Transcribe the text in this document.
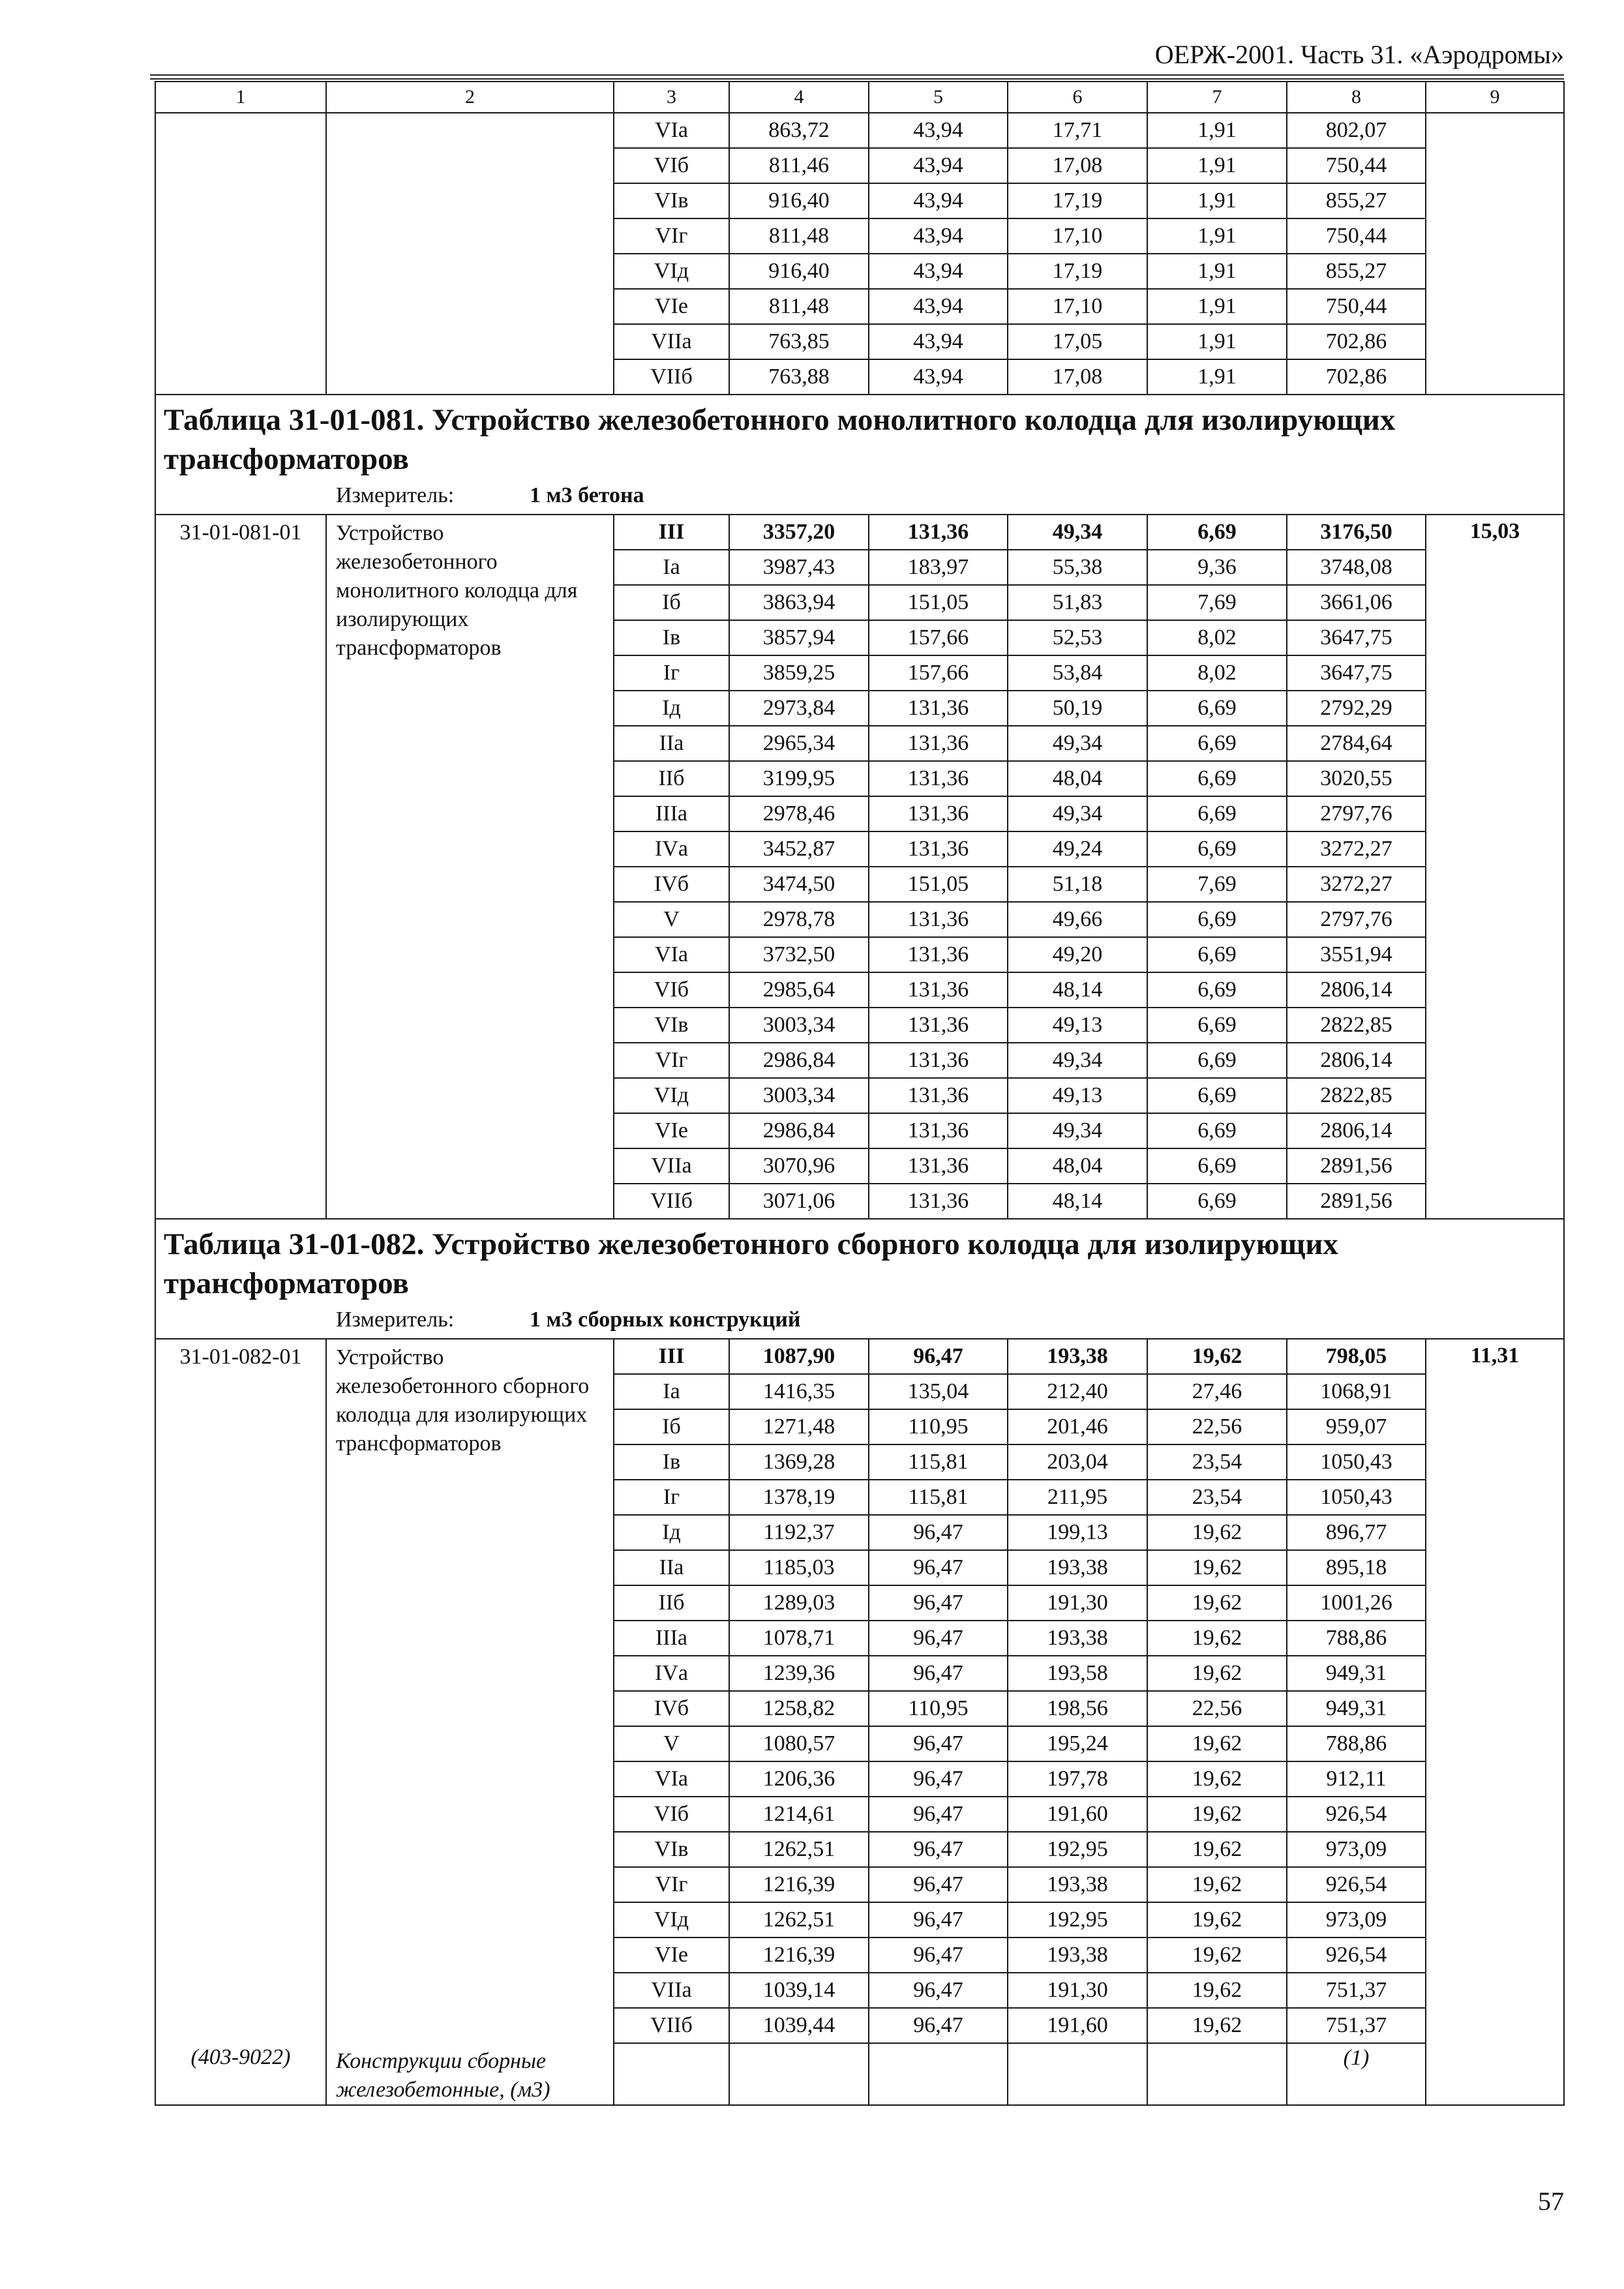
ОЕРЖ-2001. Часть 31. «Аэродромы»
1	2	3	4	5	6	7	8	9
		VIа	863,72	43,94	17,71	1,91	802,07	
		VIб	811,46	43,94	17,08	1,91	750,44	
		VIв	916,40	43,94	17,19	1,91	855,27	
		VIг	811,48	43,94	17,10	1,91	750,44	
		VIд	916,40	43,94	17,19	1,91	855,27	
		VIе	811,48	43,94	17,10	1,91	750,44	
		VIIа	763,85	43,94	17,05	1,91	702,86	
		VIIб	763,88	43,94	17,08	1,91	702,86	

Таблица 31-01-081. Устройство железобетонного монолитного колодца для изолирующих
трансформаторов
Измеритель: 1 м3 бетона								

31-01-081-01	Устройство железобетонного монолитного колодца для изолирующих трансформаторов	III	3357,20	131,36	49,34	6,69	3176,50	15,03
		Iа	3987,43	183,97	55,38	9,36	3748,08	
		Iб	3863,94	151,05	51,83	7,69	3661,06	
		Iв	3857,94	157,66	52,53	8,02	3647,75	
		Iг	3859,25	157,66	53,84	8,02	3647,75	
		Iд	2973,84	131,36	50,19	6,69	2792,29	
		IIа	2965,34	131,36	49,34	6,69	2784,64	
		IIб	3199,95	131,36	48,04	6,69	3020,55	
		IIIа	2978,46	131,36	49,34	6,69	2797,76	
		IVа	3452,87	131,36	49,24	6,69	3272,27	
		IVб	3474,50	151,05	51,18	7,69	3272,27	
		V	2978,78	131,36	49,66	6,69	2797,76	
		VIа	3732,50	131,36	49,20	6,69	3551,94	
		VIб	2985,64	131,36	48,14	6,69	2806,14	
		VIв	3003,34	131,36	49,13	6,69	2822,85	
		VIг	2986,84	131,36	49,34	6,69	2806,14	
		VIд	3003,34	131,36	49,13	6,69	2822,85	
		VIе	2986,84	131,36	49,34	6,69	2806,14	
		VIIа	3070,96	131,36	48,04	6,69	2891,56	
		VIIб	3071,06	131,36	48,14	6,69	2891,56	

Таблица 31-01-082. Устройство железобетонного сборного колодца для изолирующих
трансформаторов
Измеритель: 1 м3 сборных конструкций								

31-01-082-01	Устройство железобетонного сборного колодца для изолирующих трансформаторов	III	1087,90	96,47	193,38	19,62	798,05	11,31
		Iа	1416,35	135,04	212,40	27,46	1068,91	
		Iб	1271,48	110,95	201,46	22,56	959,07	
		Iв	1369,28	115,81	203,04	23,54	1050,43	
		Iг	1378,19	115,81	211,95	23,54	1050,43	
		Iд	1192,37	96,47	199,13	19,62	896,77	
		IIа	1185,03	96,47	193,38	19,62	895,18	
		IIб	1289,03	96,47	191,30	19,62	1001,26	
		IIIа	1078,71	96,47	193,38	19,62	788,86	
		IVа	1239,36	96,47	193,58	19,62	949,31	
		IVб	1258,82	110,95	198,56	22,56	949,31	
		V	1080,57	96,47	195,24	19,62	788,86	
		VIа	1206,36	96,47	197,78	19,62	912,11	
		VIб	1214,61	96,47	191,60	19,62	926,54	
		VIв	1262,51	96,47	192,95	19,62	973,09	
		VIг	1216,39	96,47	193,38	19,62	926,54	
		VIд	1262,51	96,47	192,95	19,62	973,09	
		VIе	1216,39	96,47	193,38	19,62	926,54	
		VIIа	1039,14	96,47	191,30	19,62	751,37	
		VIIб	1039,44	96,47	191,60	19,62	751,37	
(403-9022)	Конструкции сборные железобетонные, (м3)						(1)	
57
